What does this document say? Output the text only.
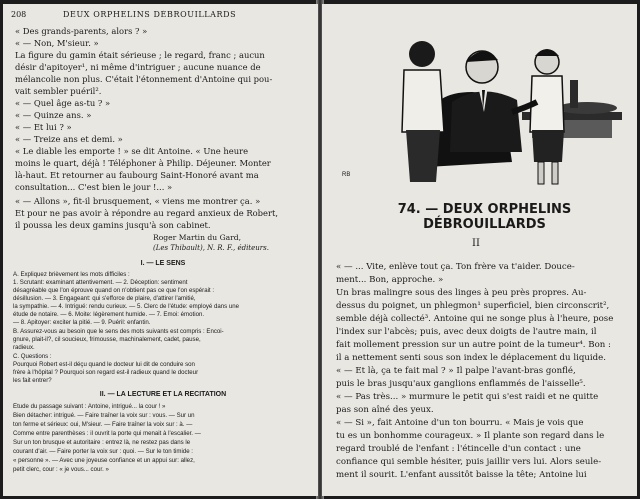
208	DEUX ORPHELINS DÉBROUILLARDS
« Des grands-parents, alors ? »
« — Non, M'sieur. »
La figure du gamin était sérieuse ; le regard, franc ; aucun
désir d'apitoyer¹, ni même d'intriguer ; aucune nuance de
mélancolie non plus. C'était l'étonnement d'Antoine qui pou-
vait sembler puéril².
« — Quel âge as-tu ? »
« — Quinze ans. »
« — Et lui ? »
« — Treize ans et demi. »
« Le diable les emporte ! » se dit Antoine. « Une heure
moins le quart, déjà ! Téléphoner à Philip. Déjeuner. Monter
là-haut. Et retourner au faubourg Saint-Honoré avant ma
consultation... C'est bien le jour !... »
« — Allons », fit-il brusquement, « viens me montrer ça. »
Et pour ne pas avoir à répondre au regard anxieux de Robert,
il poussa les deux gamins jusqu'à son cabinet.
Roger Martin du Gard,
(Les Thibault), N. R. F., éditeurs.
I. — LE SENS
A. Expliquez brièvement les mots difficiles :
1. Scrutant: examinant attentivement. — 2. Déception: sentiment
désagréable que l'on éprouve quand on n'obtient pas ce que l'on espérait :
désillusion. — 3. Engageant: qui s'efforce de plaire, d'attirer l'amitié,
la sympathie. — 4. Intrigué: rendu curieux. — 5. Clerc de l'étude: employé dans une
étude de notaire. — 6. Moite: légèrement humide. — 7. Emoi: émotion.
— 8. Apitoyer: exciter la pitié. — 9. Puéril: enfantin.
B. Assurez-vous au besoin que le sens des mots suivants est compris : Encoi-
gnure, plait-il?, cil soucieux, frimousse, machinalement, cadet, pause,
radieux.
C. Questions :
Pourquoi Robert est-il déçu quand le docteur lui dit de conduire son
frère à l'hôpital ? Pourquoi son regard est-il radieux quand le docteur
les fait entrer?
II. — LA LECTURE ET LA RÉCITATION
Étude du passage suivant : Antoine, intrigué... la cour ! »
Bien détacher: intrigué. — Faire traîner la voix sur : vous. — Sur un
ton ferme et sérieux: oui, M'sieur. — Faire traîner la voix sur : à. —
Comme entre parenthèses : il ouvrit la porte qui menait à l'escalier. —
Sur un ton brusque et autoritaire : entrez là, ne restez pas dans le
courant d'air. — Faire porter la voix sur : quoi. — Sur le ton timide :
« personne ». — Avec une joyeuse confiance et un appui sur: allez,
petit clerc, cour : « je vous... cour. »
RB
74. — DEUX ORPHELINS DÉBROUILLARDS
II
« — ... Vite, enlève tout ça. Ton frère va t'aider. Douce-
ment... Bon, approche. »
Un bras malingre sous des linges à peu près propres. Au-
dessus du poignet, un phlegmon¹ superficiel, bien circonscrit²,
semble déjà collecté³. Antoine qui ne songe plus à l'heure, pose
l'index sur l'abcès; puis, avec deux doigts de l'autre main, il
fait mollement pression sur un autre point de la tumeur⁴. Bon :
il a nettement senti sous son index le déplacement du liquide.
« — Et là, ça te fait mal ? » Il palpe l'avant-bras gonflé,
puis le bras jusqu'aux ganglions enflammés de l'aisselle⁵.
« — Pas très... » murmure le petit qui s'est raidi et ne quitte
pas son aîné des yeux.
« — Si », fait Antoine d'un ton bourru. « Mais je vois que
tu es un bonhomme courageux. » Il plante son regard dans le
regard troublé de l'enfant : l'étincelle d'un contact : une
confiance qui semble hésiter, puis jaillir vers lui. Alors seule-
ment il sourit. L'enfant aussitôt baisse la tête; Antoine lui
